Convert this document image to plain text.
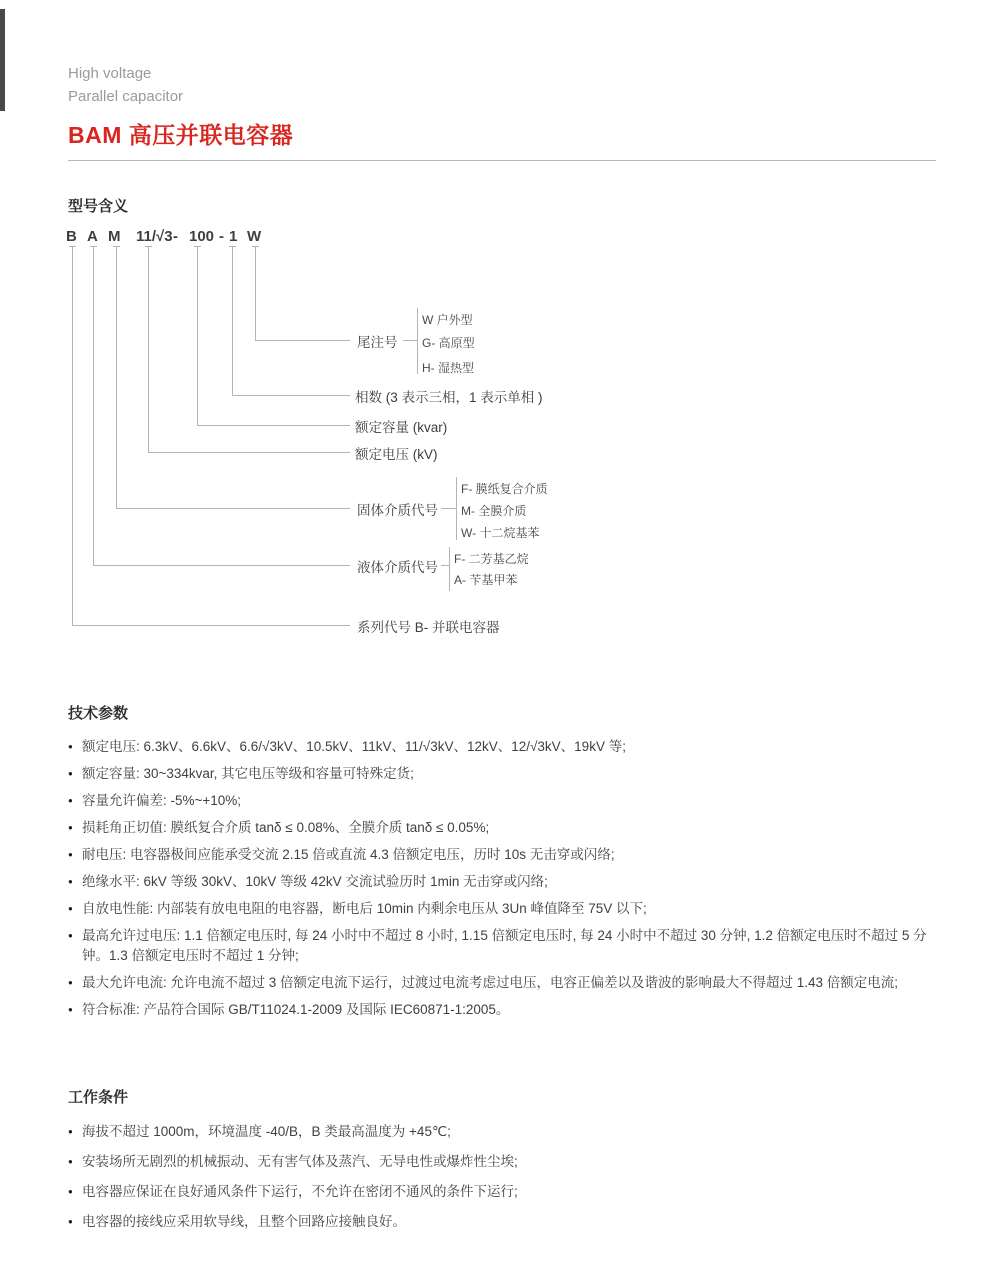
High voltage
Parallel capacitor
BAM 高压并联电容器
型号含义
B A M 11/√3 - 100 - 1 W
尾注号
W 户外型
G- 高原型
H- 湿热型
相数 (3 表示三相，1 表示单相 )
额定容量 (kvar)
额定电压 (kV)
固体介质代号
F- 膜纸复合介质
M- 全膜介质
W- 十二烷基苯
液体介质代号
F- 二芳基乙烷
A- 苄基甲苯
系列代号 B- 并联电容器
技术参数
● 额定电压: 6.3kV、6.6kV、6.6/√3kV、10.5kV、11kV、11/√3kV、12kV、12/√3kV、19kV 等;
● 额定容量: 30~334kvar, 其它电压等级和容量可特殊定货;
● 容量允许偏差: -5%~+10%;
● 损耗角正切值: 膜纸复合介质 tanδ ≤ 0.08%、全膜介质 tanδ ≤ 0.05%;
● 耐电压: 电容器极间应能承受交流 2.15 倍或直流 4.3 倍额定电压，历时 10s 无击穿或闪络;
● 绝缘水平: 6kV 等级 30kV、10kV 等级 42kV 交流试验历时 1min 无击穿或闪络;
● 自放电性能: 内部装有放电电阻的电容器，断电后 10min 内剩余电压从 3Un 峰值降至 75V 以下;
● 最高允许过电压: 1.1 倍额定电压时, 每 24 小时中不超过 8 小时, 1.15 倍额定电压时, 每 24 小时中不超过 30 分钟, 1.2 倍额定电压时不超过 5 分钟。1.3 倍额定电压时不超过 1 分钟;
● 最大允许电流: 允许电流不超过 3 倍额定电流下运行，过渡过电流考虑过电压，电容正偏差以及谐波的影响最大不得超过 1.43 倍额定电流;
● 符合标准: 产品符合国际 GB/T11024.1-2009 及国际 IEC60871-1:2005。
工作条件
● 海拔不超过 1000m，环境温度 -40/B，B 类最高温度为 +45℃;
● 安装场所无剧烈的机械振动、无有害气体及蒸汽、无导电性或爆炸性尘埃;
● 电容器应保证在良好通风条件下运行，不允许在密闭不通风的条件下运行;
● 电容器的接线应采用软导线，且整个回路应接触良好。
